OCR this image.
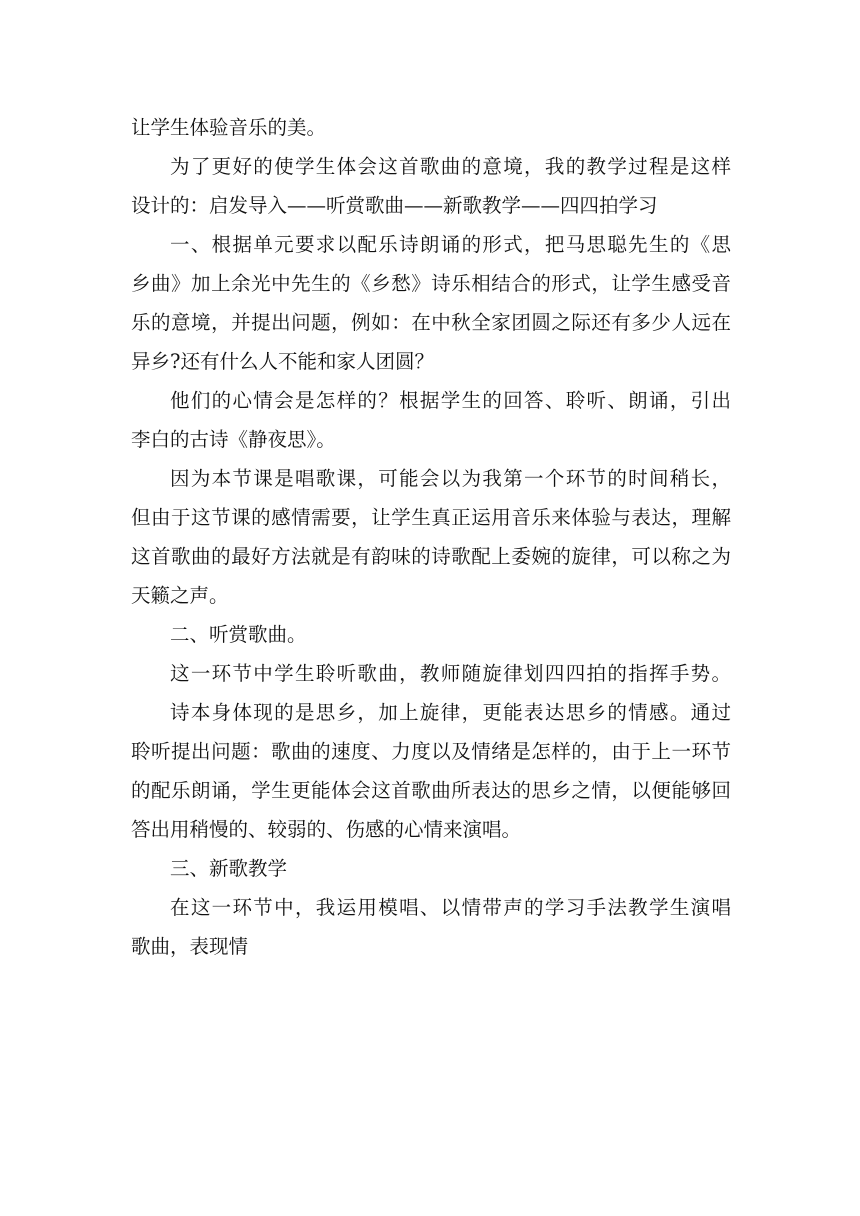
让学生体验音乐的美。
为了更好的使学生体会这首歌曲的意境，我的教学过程是这样
设计的：启发导入——听赏歌曲——新歌教学——四四拍学习
一、根据单元要求以配乐诗朗诵的形式，把马思聪先生的《思
乡曲》加上余光中先生的《乡愁》诗乐相结合的形式，让学生感受音
乐的意境，并提出问题，例如：在中秋全家团圆之际还有多少人远在
异乡?还有什么人不能和家人团圆？
他们的心情会是怎样的？根据学生的回答、聆听、朗诵，引出
李白的古诗《静夜思》。
因为本节课是唱歌课，可能会以为我第一个环节的时间稍长，
但由于这节课的感情需要，让学生真正运用音乐来体验与表达，理解
这首歌曲的最好方法就是有韵味的诗歌配上委婉的旋律，可以称之为
天籁之声。
二、听赏歌曲。
这一环节中学生聆听歌曲，教师随旋律划四四拍的指挥手势。
诗本身体现的是思乡，加上旋律，更能表达思乡的情感。通过
聆听提出问题：歌曲的速度、力度以及情绪是怎样的，由于上一环节
的配乐朗诵，学生更能体会这首歌曲所表达的思乡之情，以便能够回
答出用稍慢的、较弱的、伤感的心情来演唱。
三、新歌教学
在这一环节中，我运用模唱、以情带声的学习手法教学生演唱
歌曲，表现情
